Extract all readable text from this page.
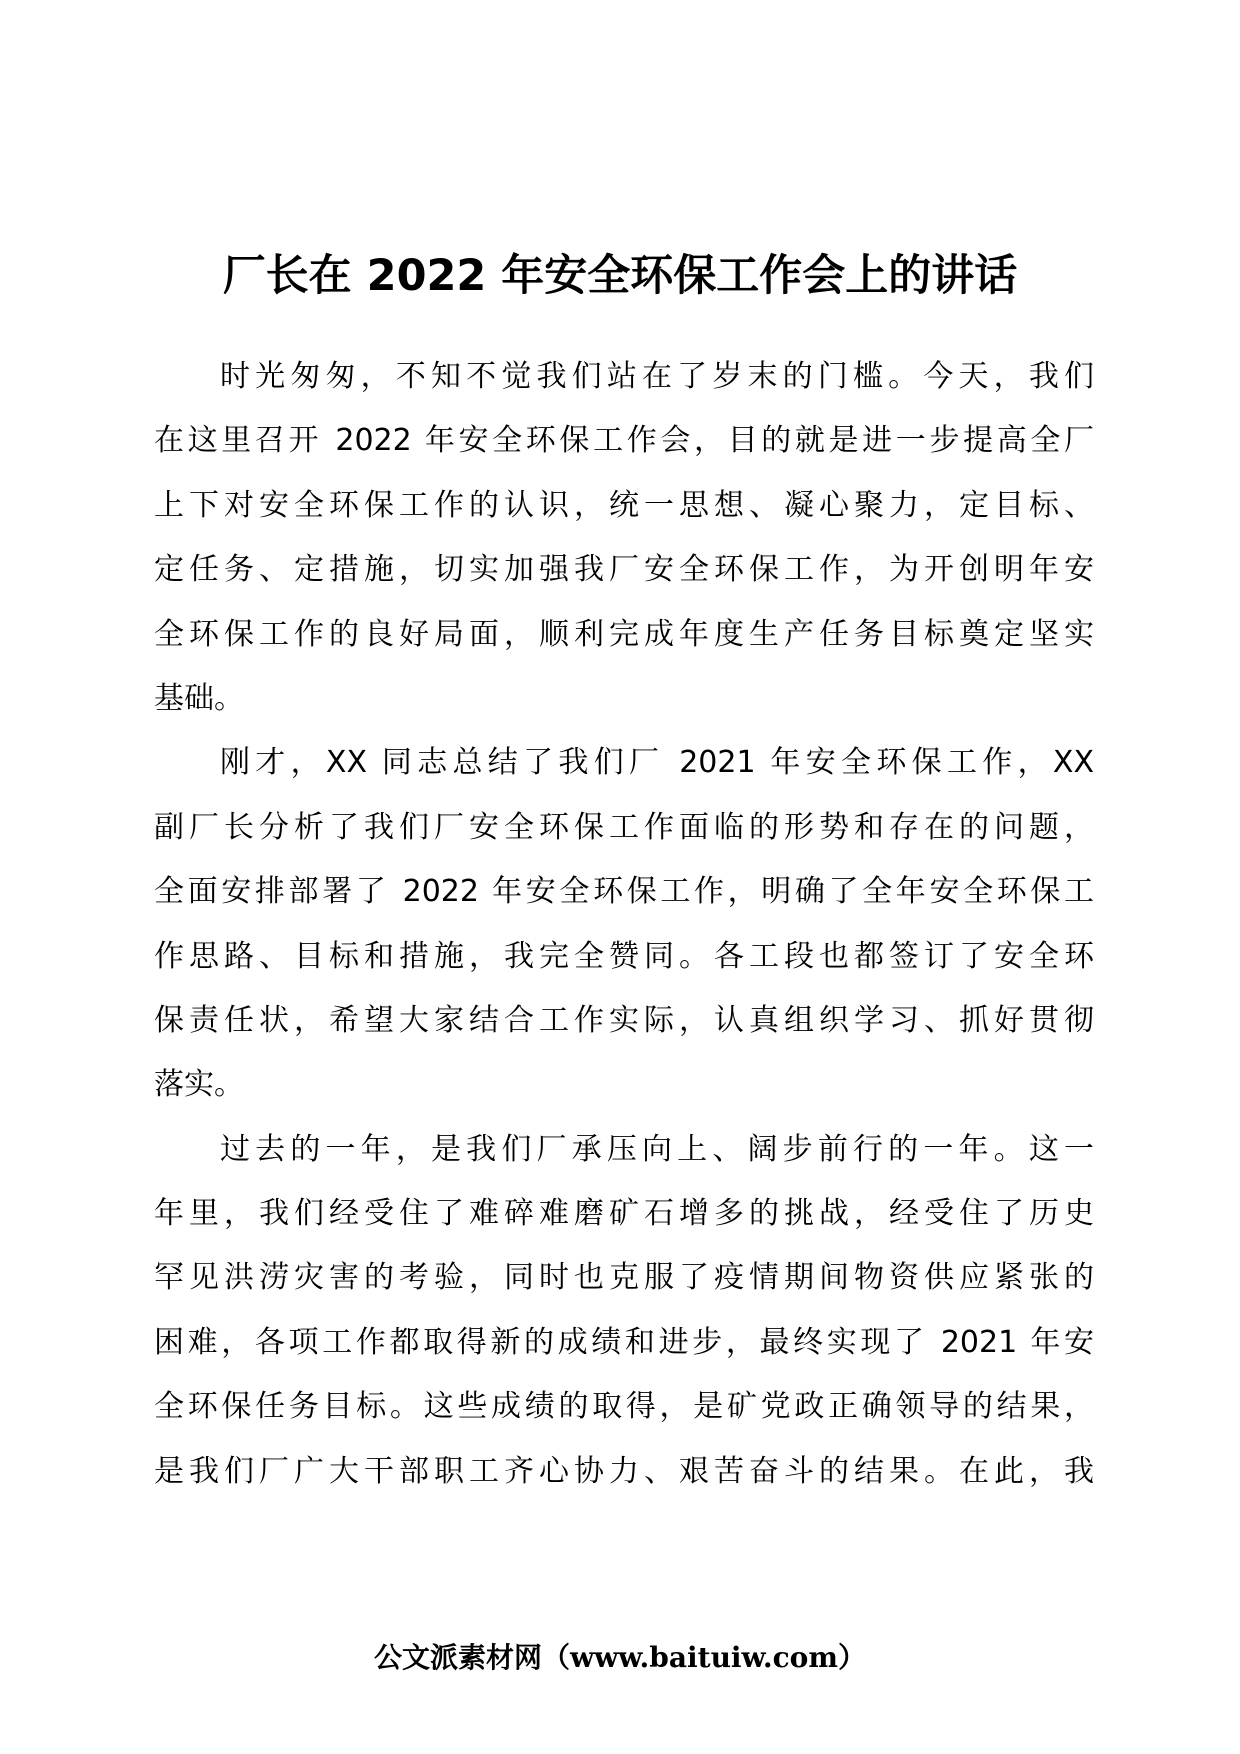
厂长在 2022 年安全环保工作会上的讲话
时光匆匆，不知不觉我们站在了岁末的门槛。今天，我们
在这里召开 2022 年安全环保工作会，目的就是进一步提高全厂
上下对安全环保工作的认识，统一思想、凝心聚力，定目标、
定任务、定措施，切实加强我厂安全环保工作，为开创明年安
全环保工作的良好局面，顺利完成年度生产任务目标奠定坚实
基础。
刚才，XX 同志总结了我们厂 2021 年安全环保工作，XX
副厂长分析了我们厂安全环保工作面临的形势和存在的问题，
全面安排部署了 2022 年安全环保工作，明确了全年安全环保工
作思路、目标和措施，我完全赞同。各工段也都签订了安全环
保责任状，希望大家结合工作实际，认真组织学习、抓好贯彻
落实。
过去的一年，是我们厂承压向上、阔步前行的一年。这一
年里，我们经受住了难碎难磨矿石增多的挑战，经受住了历史
罕见洪涝灾害的考验，同时也克服了疫情期间物资供应紧张的
困难，各项工作都取得新的成绩和进步，最终实现了 2021 年安
全环保任务目标。这些成绩的取得，是矿党政正确领导的结果，
是我们厂广大干部职工齐心协力、艰苦奋斗的结果。在此，我
公文派素材网（www.baituiw.com）
